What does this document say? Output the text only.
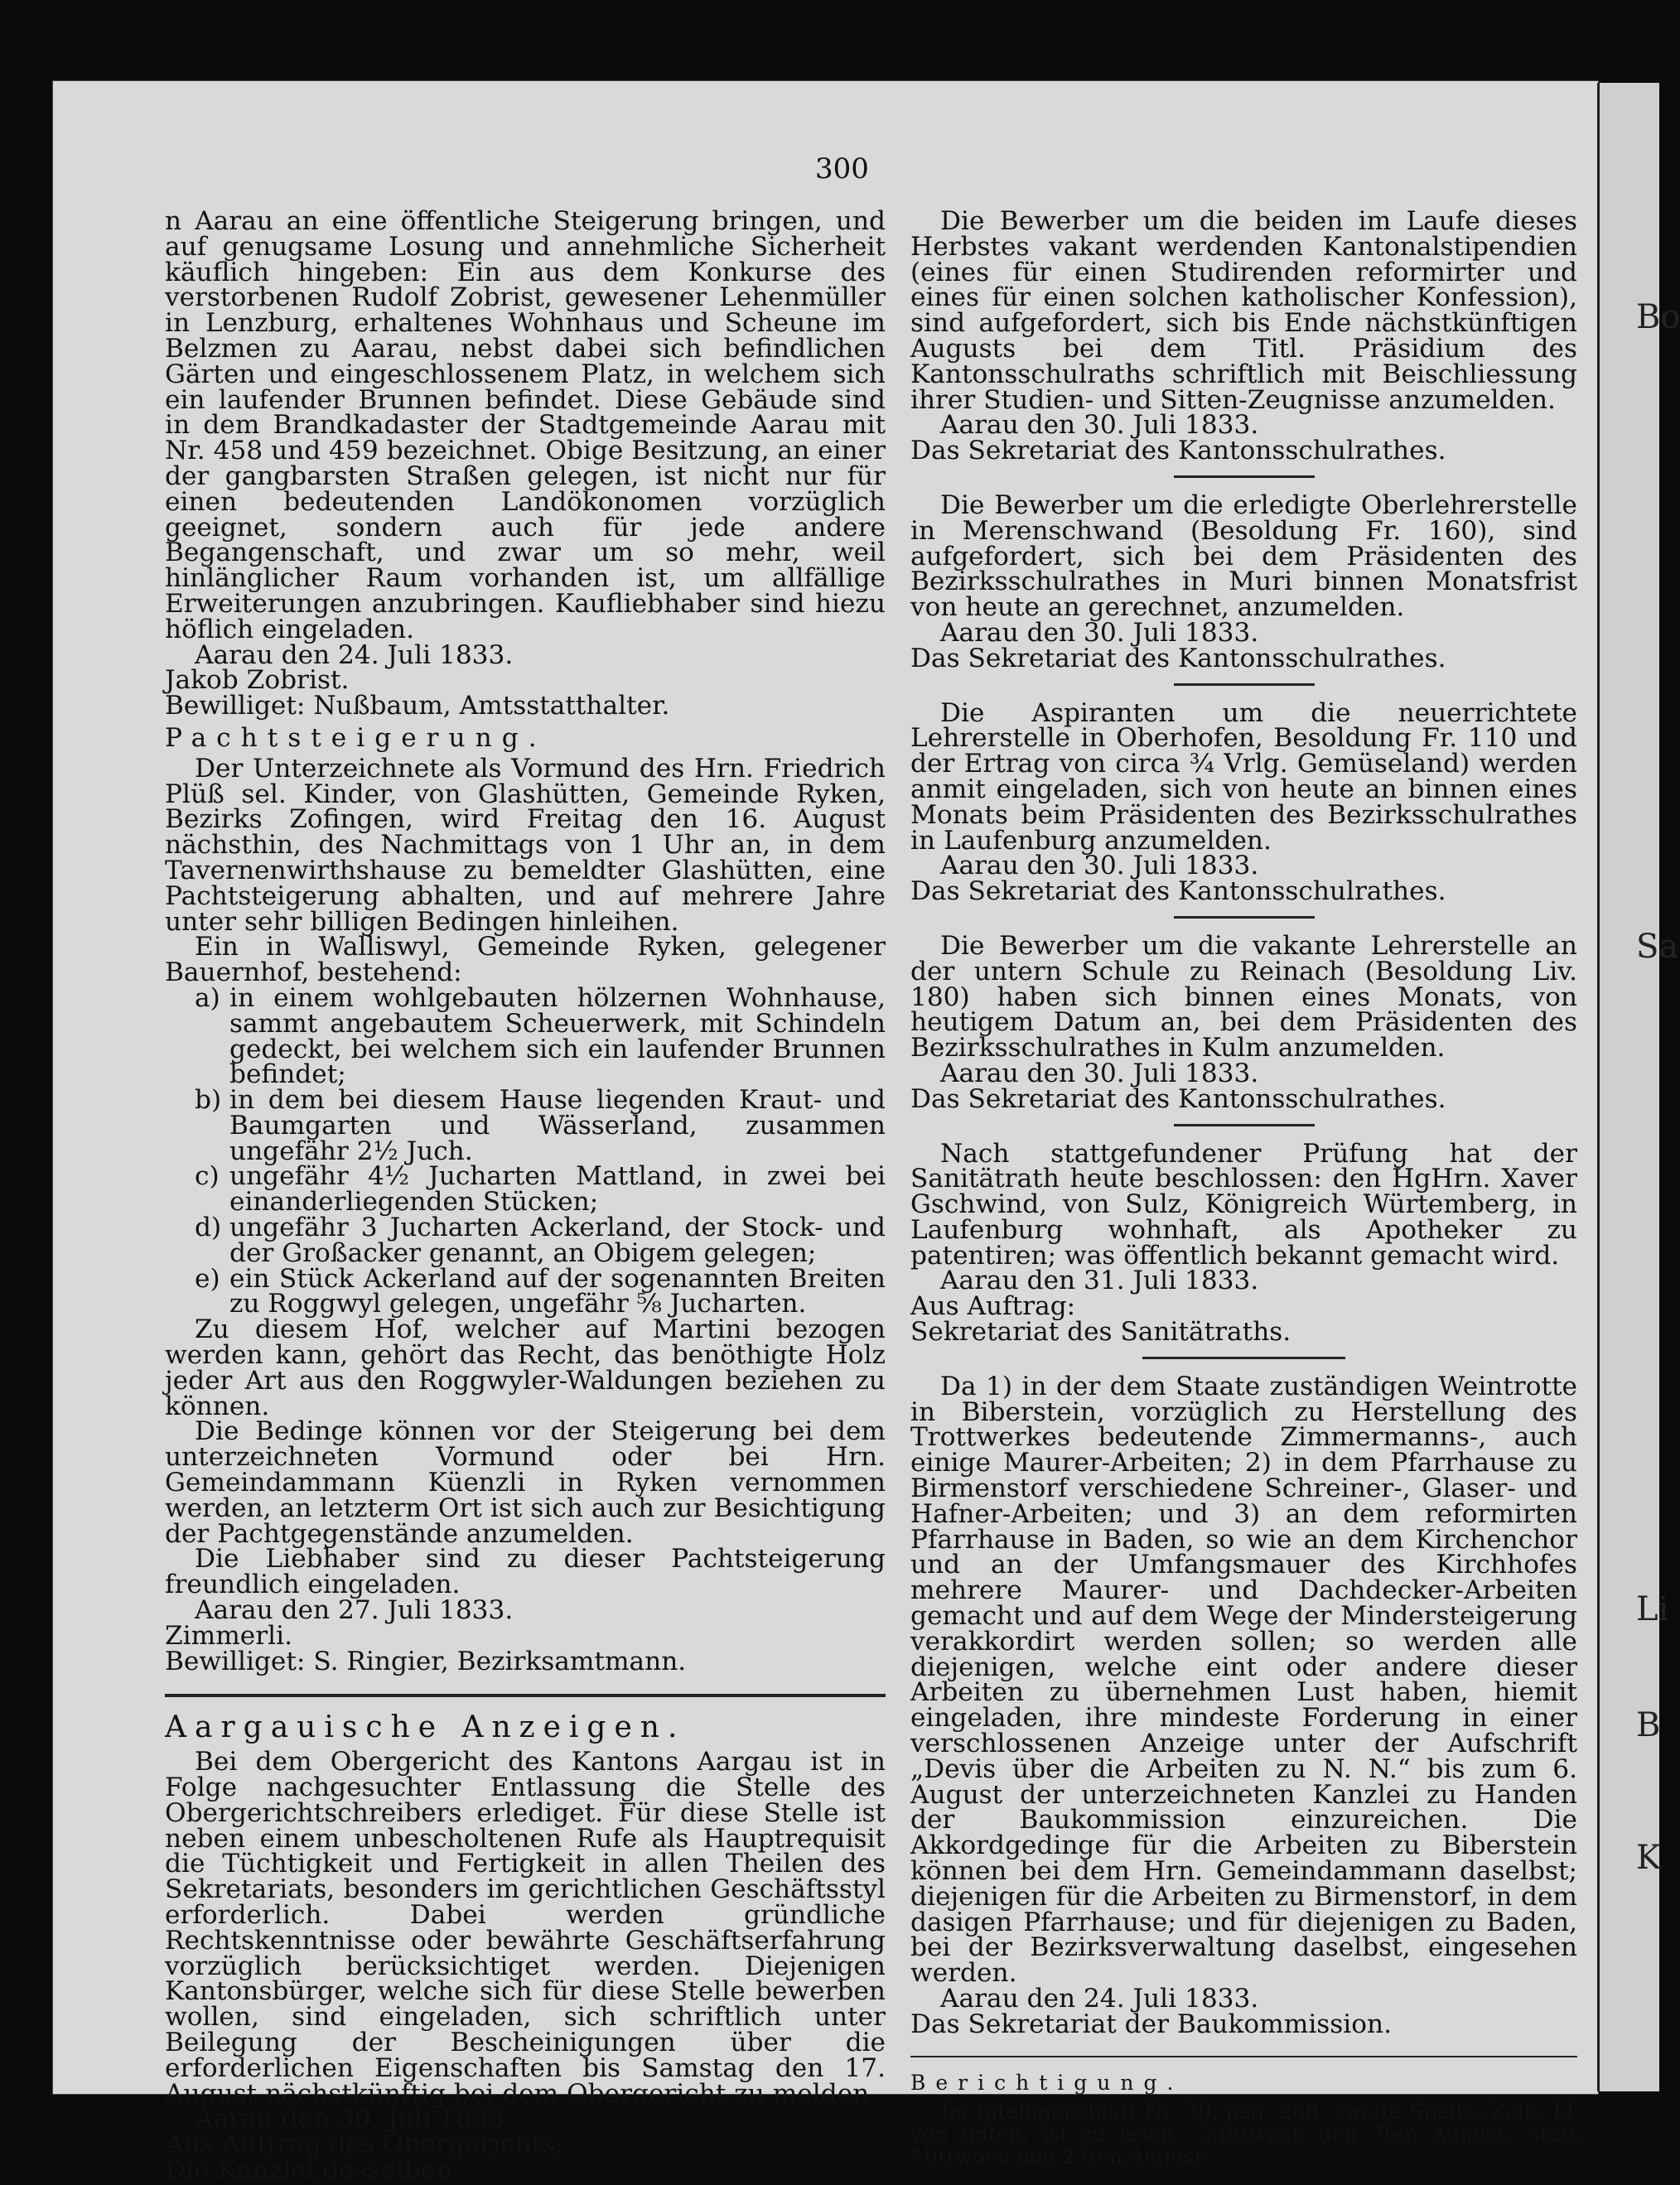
300

n Aarau an eine öffentliche Steigerung bringen, und auf genugsame Losung und annehmliche Sicherheit käuflich hingeben: Ein aus dem Konkurse des verstorbenen Rudolf Zobrist, gewesener Lehenmüller in Lenzburg, erhaltenes Wohnhaus und Scheune im Belzmen zu Aarau, nebst dabei sich befindlichen Gärten und eingeschlossenem Platz, in welchem sich ein laufender Brunnen befindet. Diese Gebäude sind in dem Brandkadaster der Stadtgemeinde Aarau mit Nr. 458 und 459 bezeichnet. Obige Besitzung, an einer der gangbarsten Straßen gelegen, ist nicht nur für einen bedeutenden Landökonomen vorzüglich geeignet, sondern auch für jede andere Begangenschaft, und zwar um so mehr, weil hinlänglicher Raum vorhanden ist, um allfällige Erweiterungen anzubringen. Kaufliebhaber sind hiezu höflich eingeladen.

Aarau den 24. Juli 1833.

Jakob Zobrist.

Bewilliget: Nußbaum, Amtsstatthalter.

Pachtsteigerung.

Der Unterzeichnete als Vormund des Hrn. Friedrich Plüß sel. Kinder, von Glashütten, Gemeinde Ryken, Bezirks Zofingen, wird Freitag den 16. August nächsthin, des Nachmittags von 1 Uhr an, in dem Tavernenwirthshause zu bemeldter Glashütten, eine Pachtsteigerung abhalten, und auf mehrere Jahre unter sehr billigen Bedingen hinleihen.

Ein in Walliswyl, Gemeinde Ryken, gelegener Bauernhof, bestehend:

a) in einem wohlgebauten hölzernen Wohnhause, sammt angebautem Scheuerwerk, mit Schindeln gedeckt, bei welchem sich ein laufender Brunnen befindet;
b) in dem bei diesem Hause liegenden Kraut- und Baumgarten und Wässerland, zusammen ungefähr 2½ Juch.
c) ungefähr 4½ Jucharten Mattland, in zwei bei einanderliegenden Stücken;
d) ungefähr 3 Jucharten Ackerland, der Stock- und der Großacker genannt, an Obigem gelegen;
e) ein Stück Ackerland auf der sogenannten Breiten zu Roggwyl gelegen, ungefähr ⅝ Jucharten.

Zu diesem Hof, welcher auf Martini bezogen werden kann, gehört das Recht, das benöthigte Holz jeder Art aus den Roggwyler-Waldungen beziehen zu können.

Die Bedinge können vor der Steigerung bei dem unterzeichneten Vormund oder bei Hrn. Gemeindammann Küenzli in Ryken vernommen werden, an letzterm Ort ist sich auch zur Besichtigung der Pachtgegenstände anzumelden.

Die Liebhaber sind zu dieser Pachtsteigerung freundlich eingeladen.

Aarau den 27. Juli 1833.

Zimmerli.

Bewilliget: S. Ringier, Bezirksamtmann.

Aargauische Anzeigen.

Bei dem Obergericht des Kantons Aargau ist in Folge nachgesuchter Entlassung die Stelle des Obergerichtschreibers erlediget. Für diese Stelle ist neben einem unbescholtenen Rufe als Hauptrequisit die Tüchtigkeit und Fertigkeit in allen Theilen des Sekretariats, besonders im gerichtlichen Geschäftsstyl erforderlich. Dabei werden gründliche Rechtskenntnisse oder bewährte Geschäftserfahrung vorzüglich berücksichtiget werden. Diejenigen Kantonsbürger, welche sich für diese Stelle bewerben wollen, sind eingeladen, sich schriftlich unter Beilegung der Bescheinigungen über die erforderlichen Eigenschaften bis Samstag den 17. August nächstkünftig bei dem Obergericht zu melden.

Aarau den 30. Juli 1833.

Aus Auftrag des Obergerichts:

Die Kanzlei desselben.

Die Bewerber um die beiden im Laufe dieses Herbstes vakant werdenden Kantonalstipendien (eines für einen Studirenden reformirter und eines für einen solchen katholischer Konfession), sind aufgefordert, sich bis Ende nächstkünftigen Augusts bei dem Titl. Präsidium des Kantonsschulraths schriftlich mit Beischliessung ihrer Studien- und Sitten-Zeugnisse anzumelden.

Aarau den 30. Juli 1833.

Das Sekretariat des Kantonsschulrathes.

Die Bewerber um die erledigte Oberlehrerstelle in Merenschwand (Besoldung Fr. 160), sind aufgefordert, sich bei dem Präsidenten des Bezirksschulrathes in Muri binnen Monatsfrist von heute an gerechnet, anzumelden.

Aarau den 30. Juli 1833.

Das Sekretariat des Kantonsschulrathes.

Die Aspiranten um die neuerrichtete Lehrerstelle in Oberhofen, Besoldung Fr. 110 und der Ertrag von circa ¾ Vrlg. Gemüseland) werden anmit eingeladen, sich von heute an binnen eines Monats beim Präsidenten des Bezirksschulrathes in Laufenburg anzumelden.

Aarau den 30. Juli 1833.

Das Sekretariat des Kantonsschulrathes.

Die Bewerber um die vakante Lehrerstelle an der untern Schule zu Reinach (Besoldung Liv. 180) haben sich binnen eines Monats, von heutigem Datum an, bei dem Präsidenten des Bezirksschulrathes in Kulm anzumelden.

Aarau den 30. Juli 1833.

Das Sekretariat des Kantonsschulrathes.

Nach stattgefundener Prüfung hat der Sanitätrath heute beschlossen: den HgHrn. Xaver Gschwind, von Sulz, Königreich Würtemberg, in Laufenburg wohnhaft, als Apotheker zu patentiren; was öffentlich bekannt gemacht wird.

Aarau den 31. Juli 1833.

Aus Auftrag:

Sekretariat des Sanitätraths.

Da 1) in der dem Staate zuständigen Weintrotte in Biberstein, vorzüglich zu Herstellung des Trottwerkes bedeutende Zimmermanns-, auch einige Maurer-Arbeiten; 2) in dem Pfarrhause zu Birmenstorf verschiedene Schreiner-, Glaser- und Hafner-Arbeiten; und 3) an dem reformirten Pfarrhause in Baden, so wie an dem Kirchenchor und an der Umfangsmauer des Kirchhofes mehrere Maurer- und Dachdecker-Arbeiten gemacht und auf dem Wege der Mindersteigerung verakkordirt werden sollen; so werden alle diejenigen, welche eint oder andere dieser Arbeiten zu übernehmen Lust haben, hiemit eingeladen, ihre mindeste Forderung in einer verschlossenen Anzeige unter der Aufschrift „Devis über die Arbeiten zu N. N.“ bis zum 6. August der unterzeichneten Kanzlei zu Handen der Baukommission einzureichen. Die Akkordgedinge für die Arbeiten zu Biberstein können bei dem Hrn. Gemeindammann daselbst; diejenigen für die Arbeiten zu Birmenstorf, in dem dasigen Pfarrhause; und für diejenigen zu Baden, bei der Bezirksverwaltung daselbst, eingesehen werden.

Aarau den 24. Juli 1833.

Das Sekretariat der Baukommission.

Berichtigung.

Im Intelligenzblatt Nr. 30, pag. 288, zweite Spalte, Zeile 11 von unten, ist zu lesen: „Mittwoch den 7ten August“ statt Mittwoch den 27ten August.

Bo
Sa
Li
B
K
